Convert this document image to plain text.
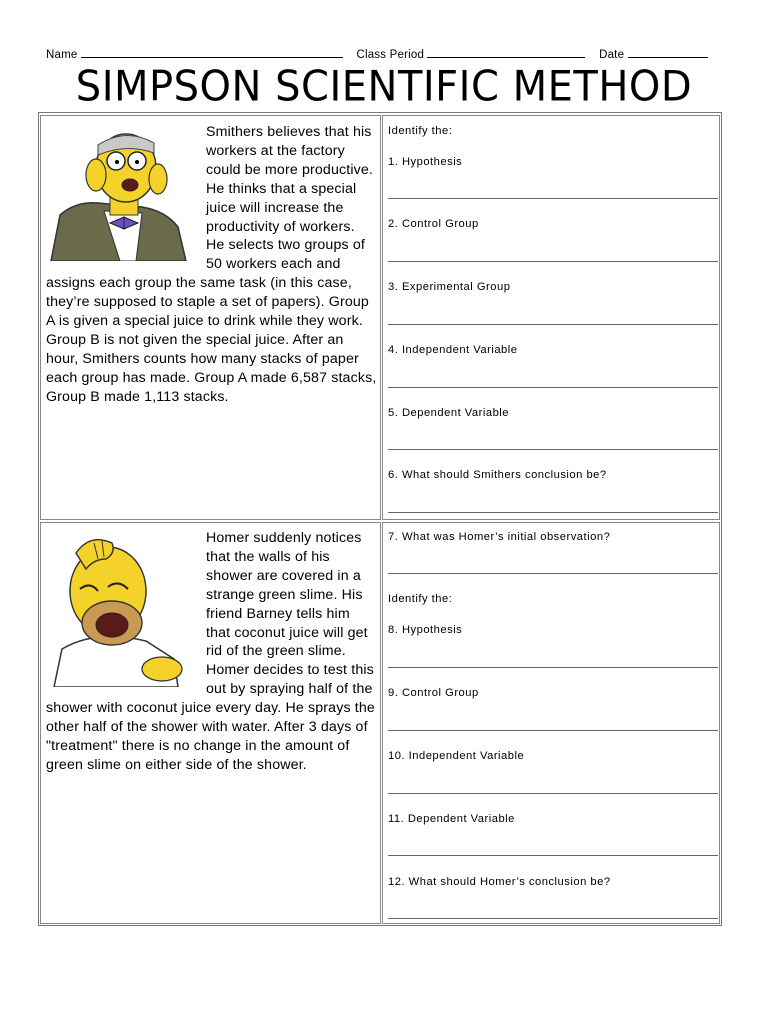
Name	Class Period	Date
SIMPSON SCIENTIFIC METHOD

Smithers believes that his workers at the factory could be more productive. He thinks that a special juice will increase the productivity of workers. He selects two groups of 50 workers each and assigns each group the same task (in this case, they’re supposed to staple a set of papers). Group A is given a special juice to drink while they work. Group B is not given the special juice. After an hour, Smithers counts how many stacks of paper each group has made. Group A made 6,587 stacks, Group B made 1,113 stacks.

Identify the:
1. Hypothesis
2. Control Group
3. Experimental Group
4. Independent Variable
5. Dependent Variable
6. What should Smithers conclusion be?

Homer suddenly notices that the walls of his shower are covered in a strange green slime. His friend Barney tells him that coconut juice will get rid of the green slime. Homer decides to test this out by spraying half of the shower with coconut juice every day. He sprays the other half of the shower with water. After 3 days of "treatment" there is no change in the amount of green slime on either side of the shower.

7. What was Homer’s initial observation?
Identify the:
8. Hypothesis
9. Control Group
10. Independent Variable
11. Dependent Variable
12. What should Homer’s conclusion be?
